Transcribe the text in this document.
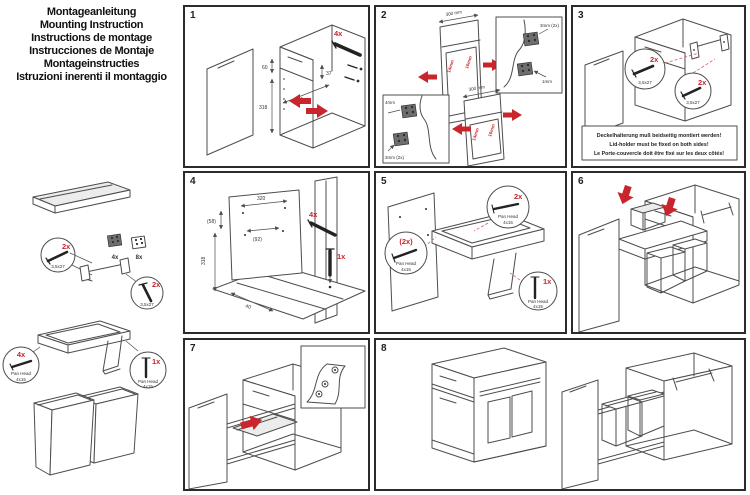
Montageanleitung
Mounting Instruction
Instructions de montage
Instrucciones de Montaje
Montageinstructies
Istruzioni inerenti il montaggio
2x
3,5x27
4x	8x
2x
3,5x27
4x
Pan Head
4x15
1x
Pan Head
4x15
1
60
318
37
4x
2	300 mm
14mm 16mm
3mm (2x)
1mm
4mm
3mm (2x)
300 mm
14mm 16mm
3
2x
3,5x27	2x
3,5x27
Deckelhalterung muß beidseitig montiert werden!
Lid-holder must be fixed on both sides!
Le Porte-couvercle doit être fixé sur les deux côtés!
4
320
(58)
(92)
318
40
4x
1x
5
2x
Pan Head
4x15
(2x)
Pan Head
4x15
1x
Pan Head
4x15
6
7	8
